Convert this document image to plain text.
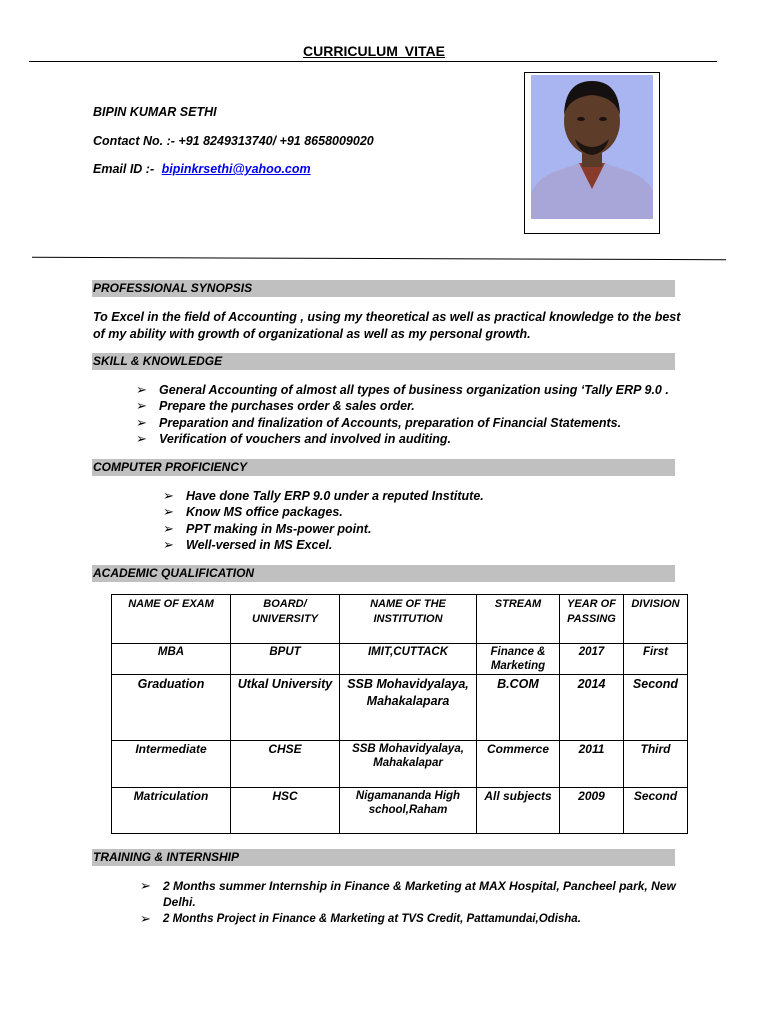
CURRICULUM VITAE
BIPIN KUMAR SETHI
Contact No. :- +91 8249313740/ +91 8658009020
Email ID :- bipinkrsethi@yahoo.com
PROFESSIONAL SYNOPSIS
To Excel in the field of Accounting , using my theoretical as well as practical knowledge to the best of my ability with growth of organizational as well as my personal growth.
SKILL & KNOWLEDGE
➢ General Accounting of almost all types of business organization using ‘Tally ERP 9.0 .
➢ Prepare the purchases order & sales order.
➢ Preparation and finalization of Accounts, preparation of Financial Statements.
➢ Verification of vouchers and involved in auditing.
COMPUTER PROFICIENCY
➢ Have done Tally ERP 9.0 under a reputed Institute.
➢ Know MS office packages.
➢ PPT making in Ms-power point.
➢ Well-versed in MS Excel.
ACADEMIC QUALIFICATION
NAME OF EXAM	BOARD/ UNIVERSITY	NAME OF THE INSTITUTION	STREAM	YEAR OF PASSING	DIVISION
MBA	BPUT	IMIT,CUTTACK	Finance & Marketing	2017	First
Graduation	Utkal University	SSB Mohavidyalaya, Mahakalapara	B.COM	2014	Second
Intermediate	CHSE	SSB Mohavidyalaya, Mahakalapar	Commerce	2011	Third
Matriculation	HSC	Nigamananda High school,Raham	All subjects	2009	Second
TRAINING & INTERNSHIP
➢ 2 Months summer Internship in Finance & Marketing at MAX Hospital, Pancheel park, New Delhi.
➢ 2 Months Project in Finance & Marketing at TVS Credit, Pattamundai,Odisha.
